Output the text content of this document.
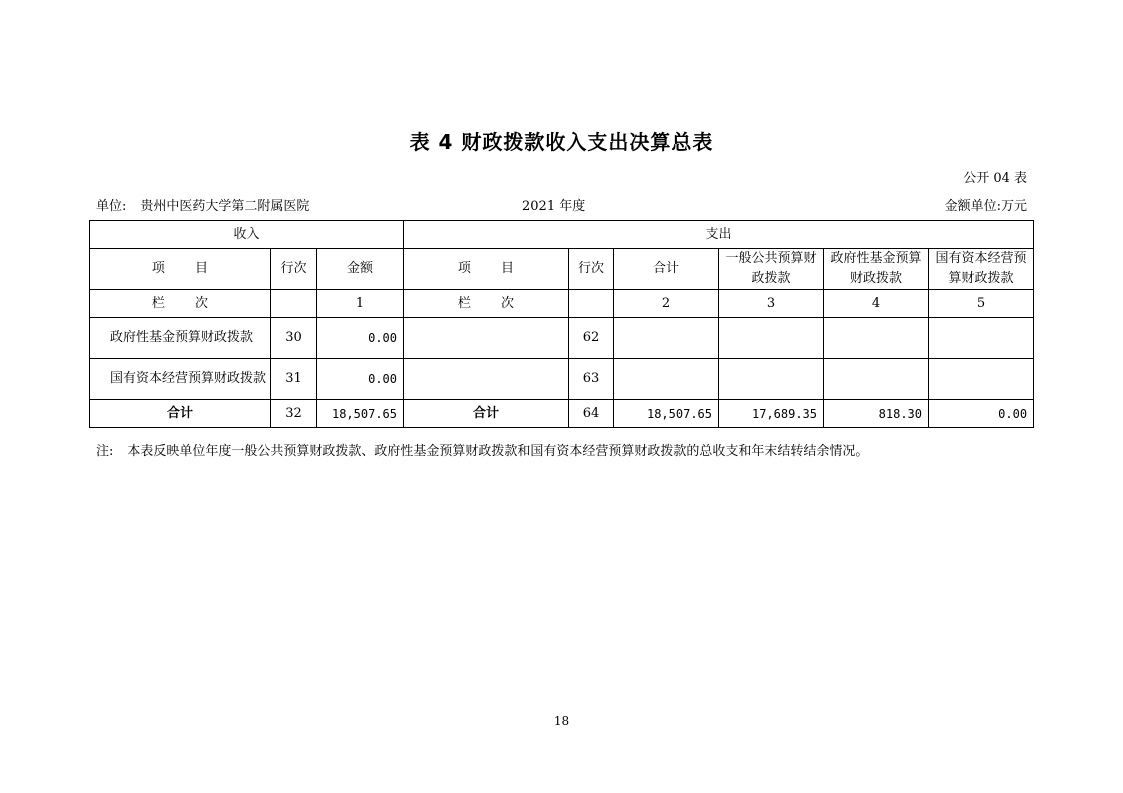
表 4 财政拨款收入支出决算总表
公开 04 表
单位: 贵州中医药大学第二附属医院	2021 年度	金额单位:万元
收入			支出					
项 目	行次	金额	项 目	行次	合计	一般公共预算财政拨款	政府性基金预算财政拨款	国有资本经营预算财政拨款
栏 次		1	栏 次		2	3	4	5
政府性基金预算财政拨款	30	0.00		62				
国有资本经营预算财政拨款	31	0.00		63				
合计	32	18,507.65	合计	64	18,507.65	17,689.35	818.30	0.00
注: 本表反映单位年度一般公共预算财政拨款、政府性基金预算财政拨款和国有资本经营预算财政拨款的总收支和年末结转结余情况。
18
